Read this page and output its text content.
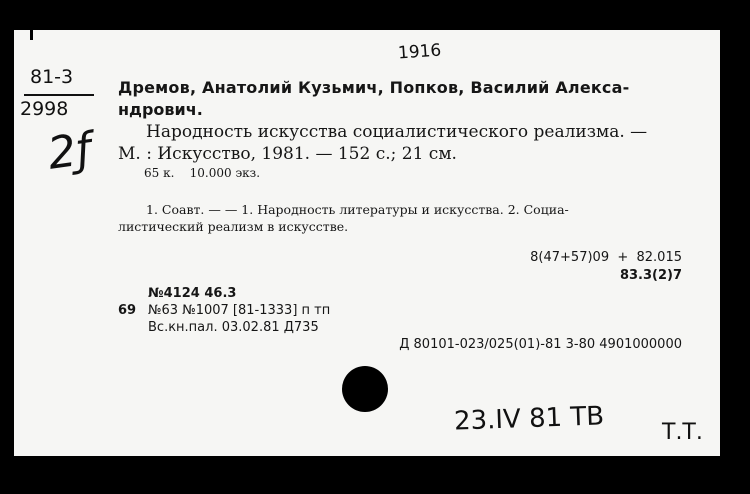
1916
81-3
2998
2ƒ
Дремов, Анатолий Кузьмич, Попков, Василий Алекса-
ндрович.
Народность искусства социалистического реализма. —
М. : Искусство, 1981. — 152 с.; 21 см.
65 к.    10.000 экз.
1. Соавт. — — 1. Народность литературы и искусства. 2. Социа-
листический реализм в искусстве.
8(47+57)09  +  82.015
83.3(2)7
№4124 46.3
69 №63 №1007 [81-1333] п тп
Вс.кн.пал. 03.02.81 Д735
Д 80101-023/025(01)-81 3-80 4901000000
23.IV 81 ТВ	Т.Т.
